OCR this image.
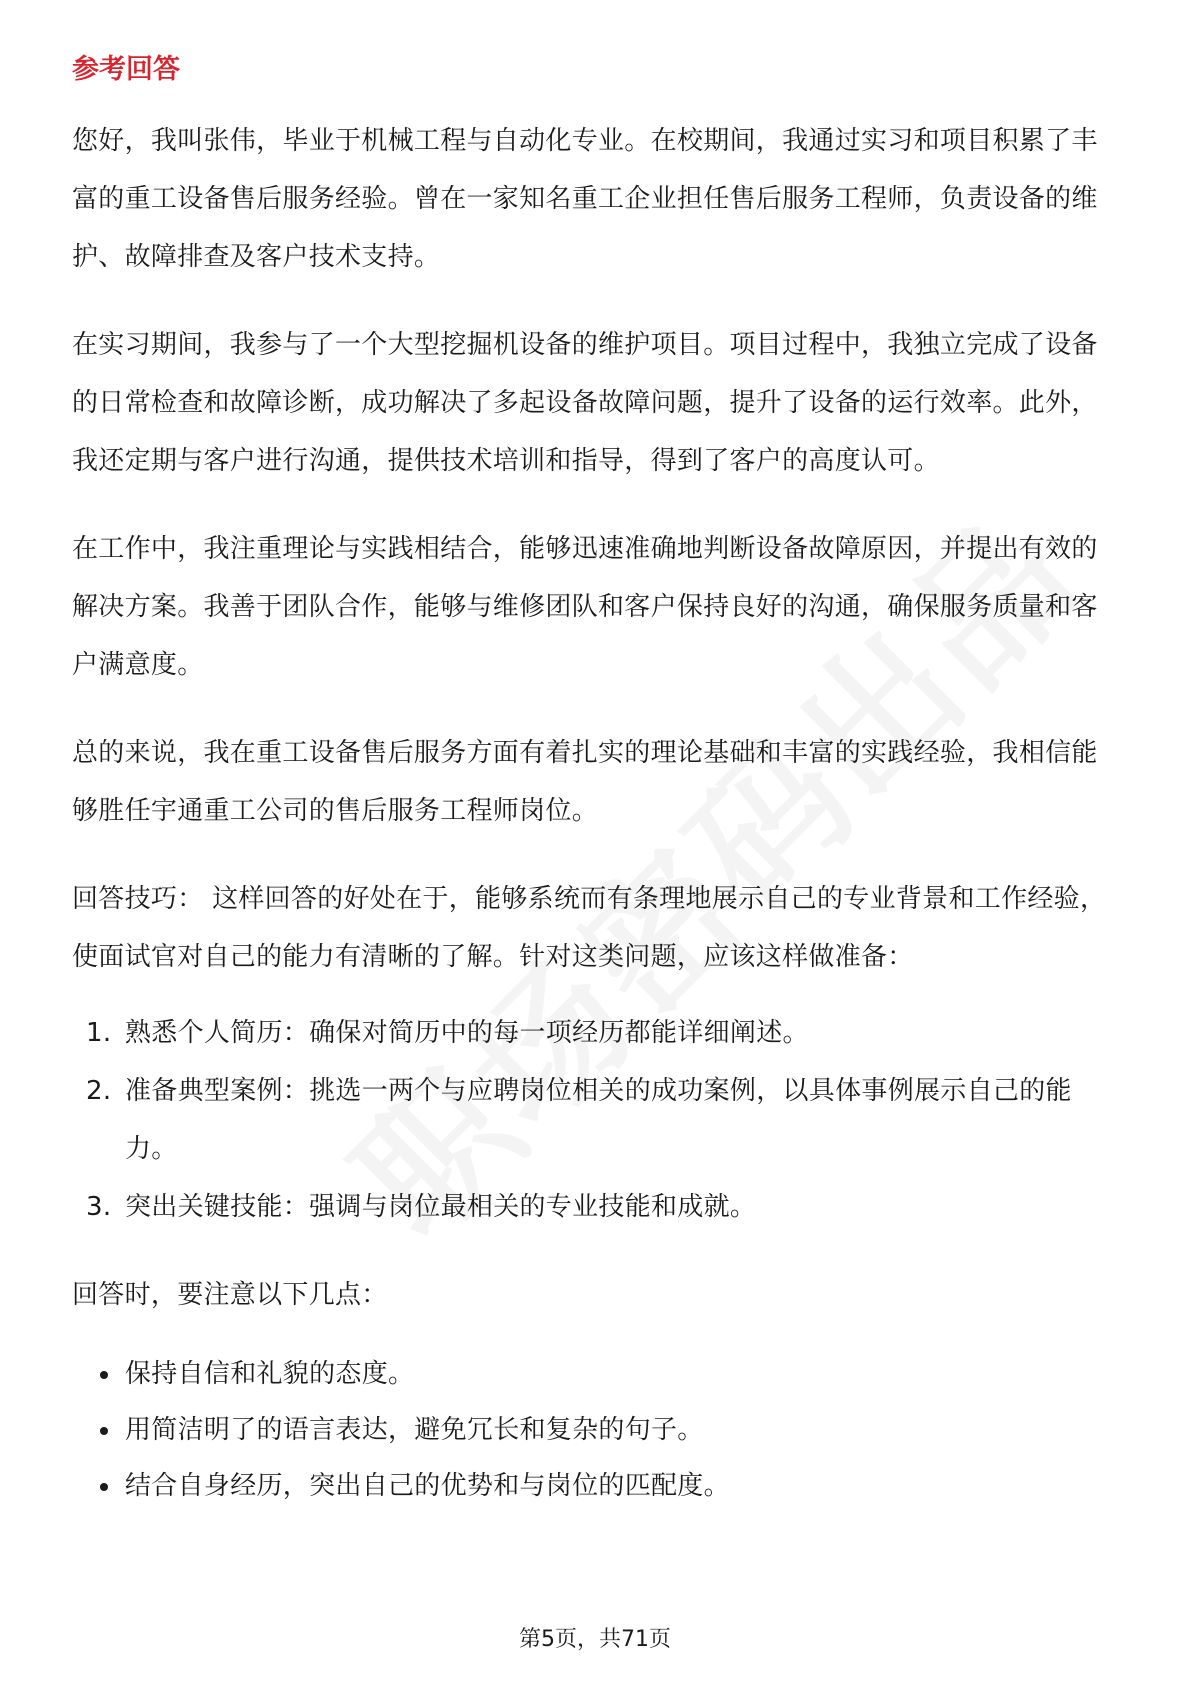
参考回答

您好，我叫张伟，毕业于机械工程与自动化专业。在校期间，我通过实习和项目积累了丰富的重工设备售后服务经验。曾在一家知名重工企业担任售后服务工程师，负责设备的维护、故障排查及客户技术支持。

在实习期间，我参与了一个大型挖掘机设备的维护项目。项目过程中，我独立完成了设备的日常检查和故障诊断，成功解决了多起设备故障问题，提升了设备的运行效率。此外，我还定期与客户进行沟通，提供技术培训和指导，得到了客户的高度认可。

在工作中，我注重理论与实践相结合，能够迅速准确地判断设备故障原因，并提出有效的解决方案。我善于团队合作，能够与维修团队和客户保持良好的沟通，确保服务质量和客户满意度。

总的来说，我在重工设备售后服务方面有着扎实的理论基础和丰富的实践经验，我相信能够胜任宇通重工公司的售后服务工程师岗位。

回答技巧： 这样回答的好处在于，能够系统而有条理地展示自己的专业背景和工作经验，使面试官对自己的能力有清晰的了解。针对这类问题，应该这样做准备：

1. 熟悉个人简历：确保对简历中的每一项经历都能详细阐述。
2. 准备典型案例：挑选一两个与应聘岗位相关的成功案例，以具体事例展示自己的能力。
3. 突出关键技能：强调与岗位最相关的专业技能和成就。

回答时，要注意以下几点：

保持自信和礼貌的态度。
用简洁明了的语言表达，避免冗长和复杂的句子。
结合自身经历，突出自己的优势和与岗位的匹配度。
第5页，共71页
